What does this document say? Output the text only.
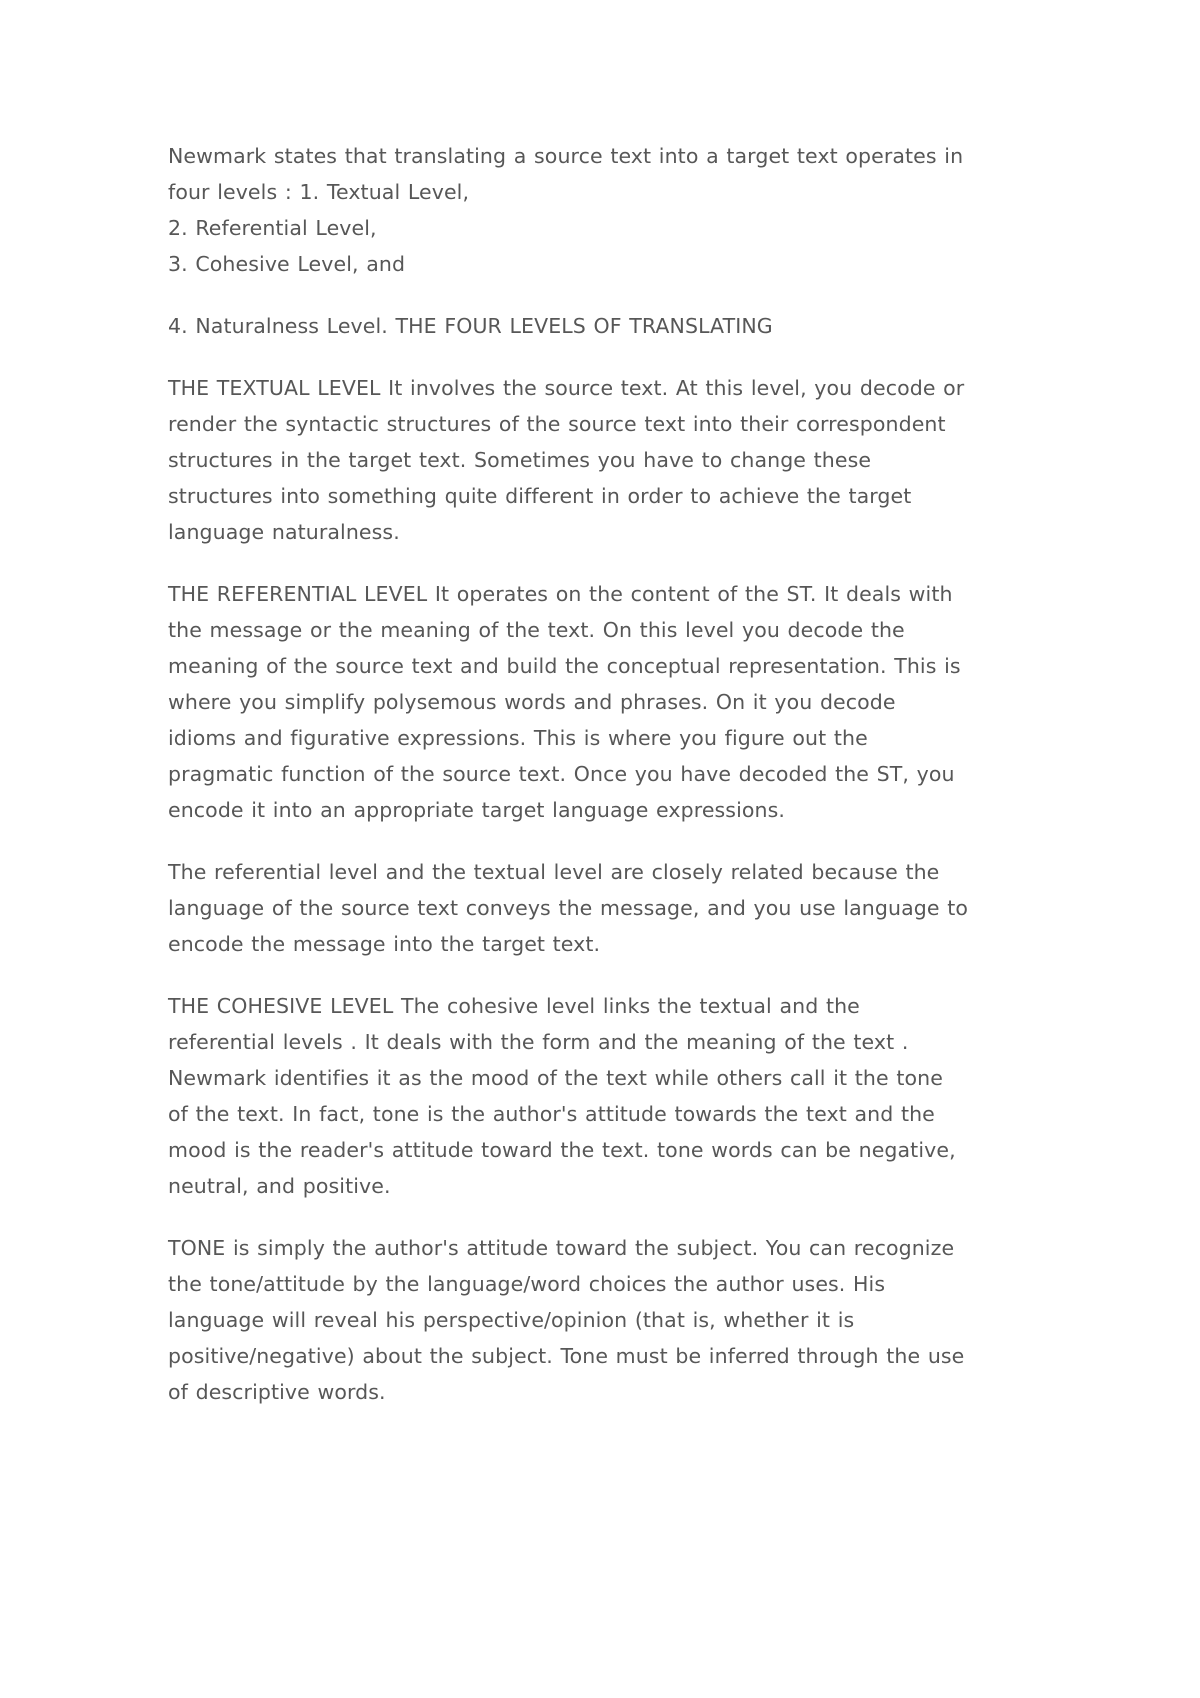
Newmark states that translating a source text into a target text operates in four levels : 1. Textual Level,

2. Referential Level,

3. Cohesive Level, and

4. Naturalness Level. THE FOUR LEVELS OF TRANSLATING

THE TEXTUAL LEVEL It involves the source text. At this level, you decode or render the syntactic structures of the source text into their correspondent structures in the target text. Sometimes you have to change these structures into something quite different in order to achieve the target language naturalness.

THE REFERENTIAL LEVEL It operates on the content of the ST. It deals with the message or the meaning of the text. On this level you decode the meaning of the source text and build the conceptual representation. This is where you simplify polysemous words and phrases. On it you decode idioms and figurative expressions. This is where you figure out the pragmatic function of the source text. Once you have decoded the ST, you encode it into an appropriate target language expressions.

The referential level and the textual level are closely related because the language of the source text conveys the message, and you use language to encode the message into the target text.

THE COHESIVE LEVEL The cohesive level links the textual and the referential levels . It deals with the form and the meaning of the text . Newmark identifies it as the mood of the text while others call it the tone of the text. In fact, tone is the author's attitude towards the text and the mood is the reader's attitude toward the text. tone words can be negative, neutral, and positive.

TONE is simply the author's attitude toward the subject. You can recognize the tone/attitude by the language/word choices the author uses. His language will reveal his perspective/opinion (that is, whether it is positive/negative) about the subject. Tone must be inferred through the use of descriptive words.
